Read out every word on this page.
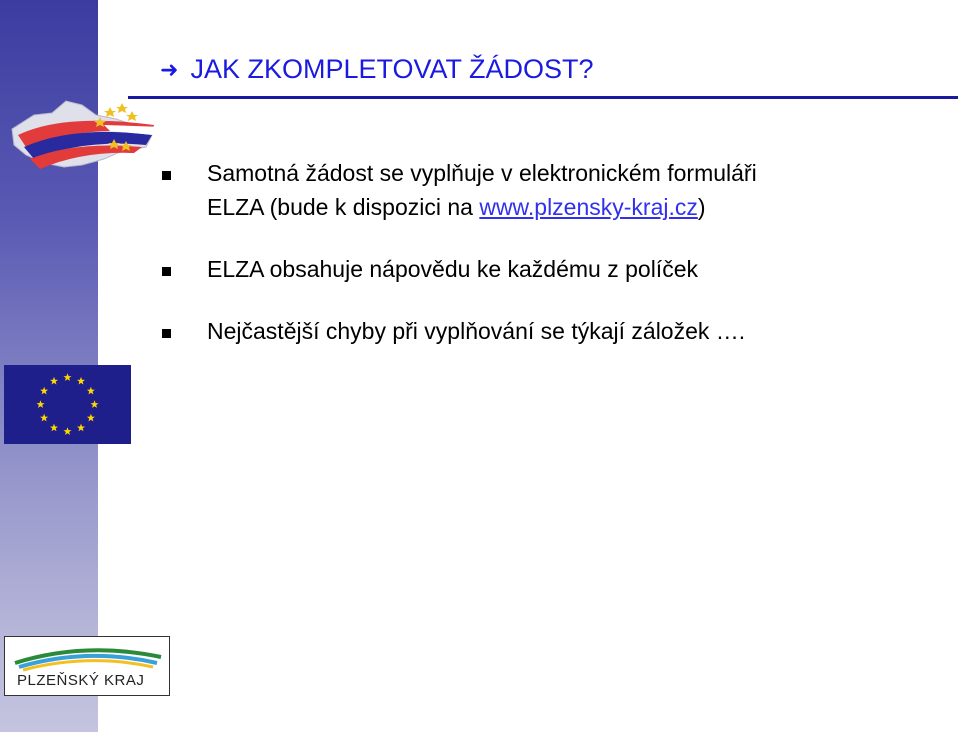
PLZEŇSKÝ KRAJ
➜ JAK ZKOMPLETOVAT ŽÁDOST?
Samotná žádost se vyplňuje v elektronickém formuláři
ELZA (bude k dispozici na www.plzensky-kraj.cz)
ELZA obsahuje nápovědu ke každému z políček
Nejčastější chyby při vyplňování se týkají záložek ….
